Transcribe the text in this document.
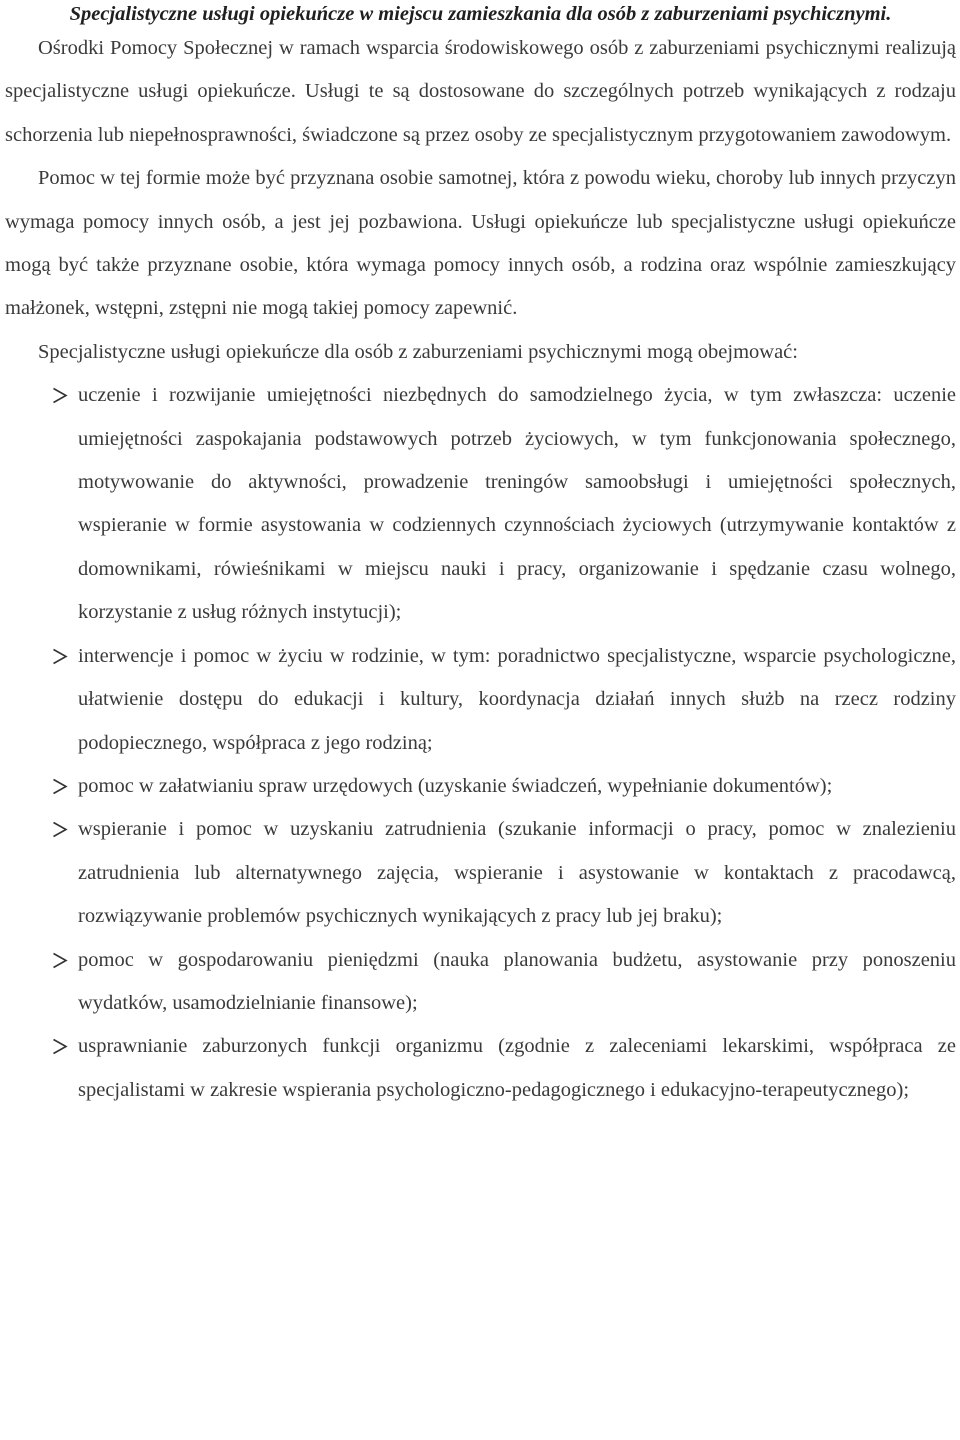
Specjalistyczne usługi opiekuńcze w miejscu zamieszkania dla osób z zaburzeniami psychicznymi.

Ośrodki Pomocy Społecznej w ramach wsparcia środowiskowego osób z zaburzeniami psychicznymi realizują specjalistyczne usługi opiekuńcze. Usługi te są dostosowane do szczególnych potrzeb wynikających z rodzaju schorzenia lub niepełnosprawności, świadczone są przez osoby ze specjalistycznym przygotowaniem zawodowym.

Pomoc w tej formie może być przyznana osobie samotnej, która z powodu wieku, choroby lub innych przyczyn wymaga pomocy innych osób, a jest jej pozbawiona. Usługi opiekuńcze lub specjalistyczne usługi opiekuńcze mogą być także przyznane osobie, która wymaga pomocy innych osób, a rodzina oraz wspólnie zamieszkujący małżonek, wstępni, zstępni nie mogą takiej pomocy zapewnić.

Specjalistyczne usługi opiekuńcze dla osób z zaburzeniami psychicznymi mogą obejmować:

uczenie i rozwijanie umiejętności niezbędnych do samodzielnego życia, w tym zwłaszcza: uczenie umiejętności zaspokajania podstawowych potrzeb życiowych, w tym funkcjonowania społecznego, motywowanie do aktywności, prowadzenie treningów samoobsługi i umiejętności społecznych, wspieranie w formie asystowania w codziennych czynnościach życiowych (utrzymywanie kontaktów z domownikami, rówieśnikami w miejscu nauki i pracy, organizowanie i spędzanie czasu wolnego, korzystanie z usług różnych instytucji);
interwencje i pomoc w życiu w rodzinie, w tym: poradnictwo specjalistyczne, wsparcie psychologiczne, ułatwienie dostępu do edukacji i kultury, koordynacja działań innych służb na rzecz rodziny podopiecznego, współpraca z jego rodziną;
pomoc w załatwianiu spraw urzędowych (uzyskanie świadczeń, wypełnianie dokumentów);
wspieranie i pomoc w uzyskaniu zatrudnienia (szukanie informacji o pracy, pomoc w znalezieniu zatrudnienia lub alternatywnego zajęcia, wspieranie i asystowanie w kontaktach z pracodawcą, rozwiązywanie problemów psychicznych wynikających z pracy lub jej braku);
pomoc w gospodarowaniu pieniędzmi (nauka planowania budżetu, asystowanie przy ponoszeniu wydatków, usamodzielnianie finansowe);
usprawnianie zaburzonych funkcji organizmu (zgodnie z zaleceniami lekarskimi, współpraca ze specjalistami w zakresie wspierania psychologiczno-pedagogicznego i edukacyjno-terapeutycznego);
